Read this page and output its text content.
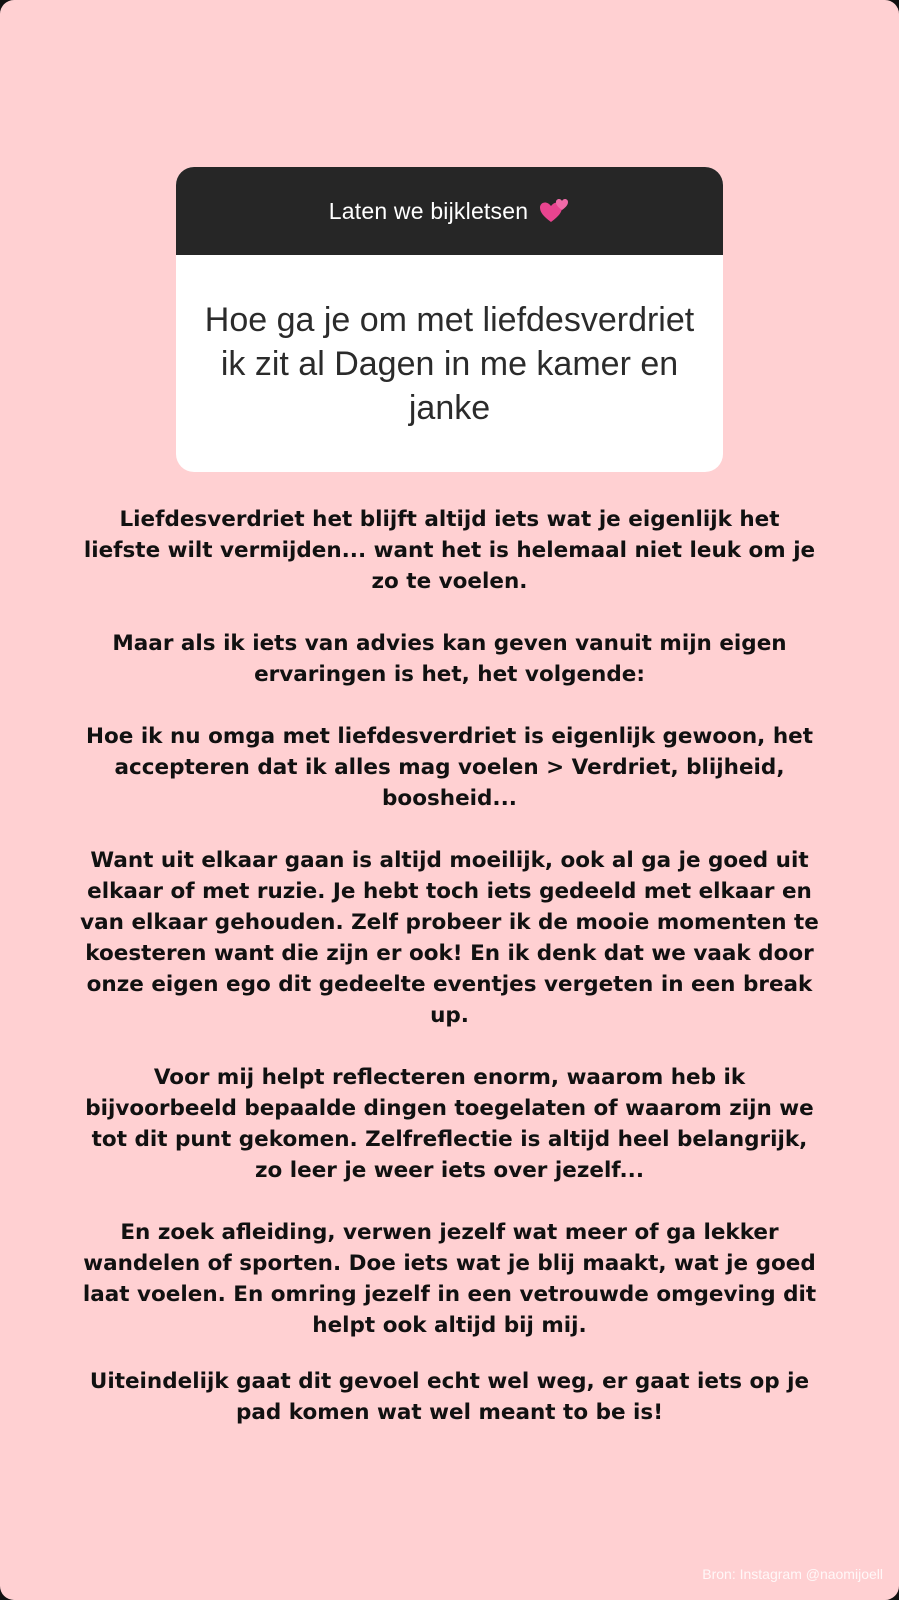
Laten we bijkletsen
Hoe ga je om met liefdesverdriet ik zit al Dagen in me kamer en janke

Liefdesverdriet het blijft altijd iets wat je eigenlijk het liefste wilt vermijden... want het is helemaal niet leuk om je zo te voelen.

Maar als ik iets van advies kan geven vanuit mijn eigen ervaringen is het, het volgende:

Hoe ik nu omga met liefdesverdriet is eigenlijk gewoon, het accepteren dat ik alles mag voelen > Verdriet, blijheid, boosheid...

Want uit elkaar gaan is altijd moeilijk, ook al ga je goed uit elkaar of met ruzie. Je hebt toch iets gedeeld met elkaar en van elkaar gehouden. Zelf probeer ik de mooie momenten te koesteren want die zijn er ook! En ik denk dat we vaak door onze eigen ego dit gedeelte eventjes vergeten in een break up.

Voor mij helpt reflecteren enorm, waarom heb ik bijvoorbeeld bepaalde dingen toegelaten of waarom zijn we tot dit punt gekomen. Zelfreflectie is altijd heel belangrijk, zo leer je weer iets over jezelf...

En zoek afleiding, verwen jezelf wat meer of ga lekker wandelen of sporten. Doe iets wat je blij maakt, wat je goed laat voelen. En omring jezelf in een vetrouwde omgeving dit helpt ook altijd bij mij.

Uiteindelijk gaat dit gevoel echt wel weg, er gaat iets op je pad komen wat wel meant to be is!

Bron: Instagram @naomijoell
